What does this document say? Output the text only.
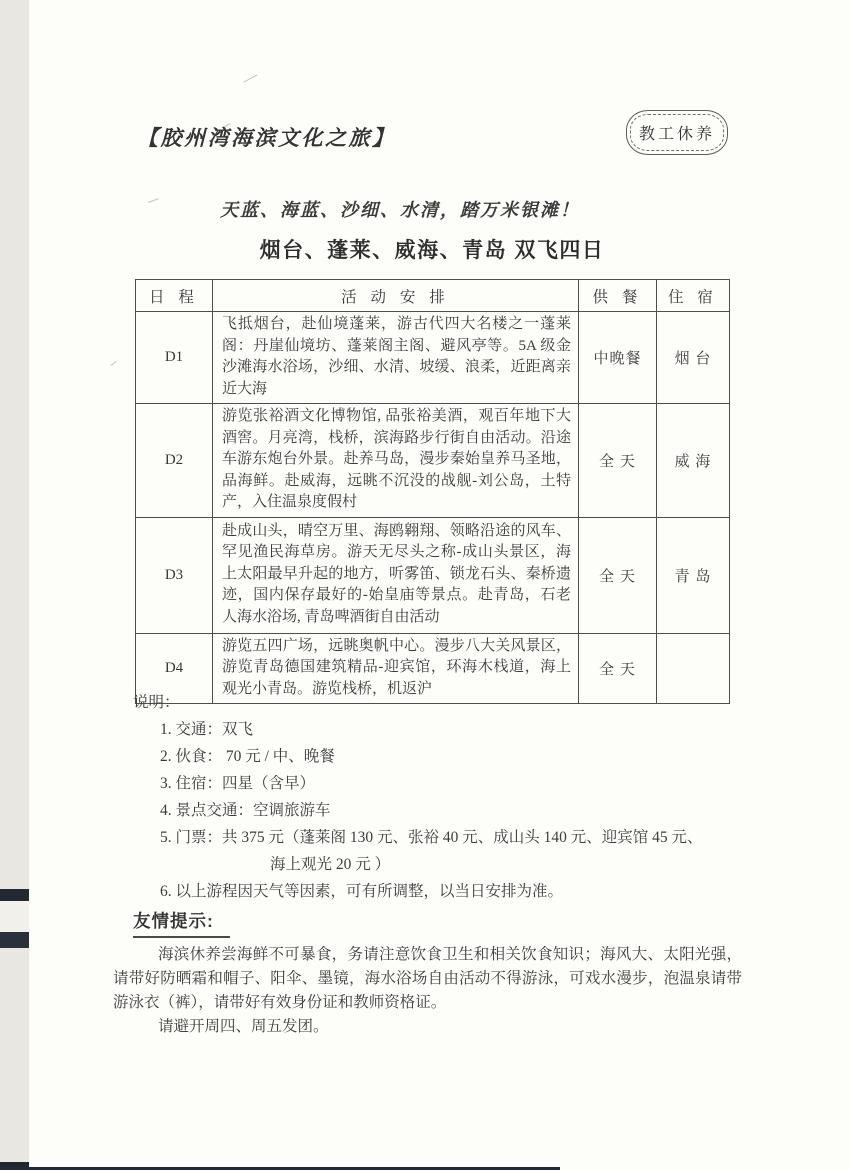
【胶州湾海滨文化之旅】	教工休养
天蓝、海蓝、沙细、水清，踏万米银滩！
烟台、蓬莱、威海、青岛 双飞四日
日 程	活 动 安 排	供 餐	住 宿
D1	飞抵烟台，赴仙境蓬莱，游古代四大名楼之一蓬莱阁：丹崖仙境坊、蓬莱阁主阁、避风亭等。5A 级金沙滩海水浴场，沙细、水清、坡缓、浪柔，近距离亲近大海	中晚餐	烟 台
D2	游览张裕酒文化博物馆, 品张裕美酒，观百年地下大酒窖。月亮湾，栈桥，滨海路步行街自由活动。沿途车游东炮台外景。赴养马岛，漫步秦始皇养马圣地，品海鲜。赴威海，远眺不沉没的战舰-刘公岛，土特产，入住温泉度假村	全 天	威 海
D3	赴成山头，晴空万里、海鸥翱翔、领略沿途的风车、罕见渔民海草房。游天无尽头之称-成山头景区，海上太阳最早升起的地方，听雾笛、锁龙石头、秦桥遗迹，国内保存最好的-始皇庙等景点。赴青岛，石老人海水浴场, 青岛啤酒街自由活动	全 天	青 岛
D4	游览五四广场，远眺奥帆中心。漫步八大关风景区，游览青岛德国建筑精品-迎宾馆，环海木栈道，海上观光小青岛。游览栈桥，机返沪	全 天	
说明：
1. 交通：双飞
2. 伙食： 70 元 / 中、晚餐
3. 住宿：四星（含早）
4. 景点交通：空调旅游车
5. 门票：共 375 元（蓬莱阁 130 元、张裕 40 元、成山头 140 元、迎宾馆 45 元、
海上观光 20 元 ）
6. 以上游程因天气等因素，可有所调整，以当日安排为准。
友情提示:

海滨休养尝海鲜不可暴食，务请注意饮食卫生和相关饮食知识；海风大、太阳光强，请带好防晒霜和帽子、阳伞、墨镜，海水浴场自由活动不得游泳，可戏水漫步，泡温泉请带游泳衣（裤），请带好有效身份证和教师资格证。

请避开周四、周五发团。
